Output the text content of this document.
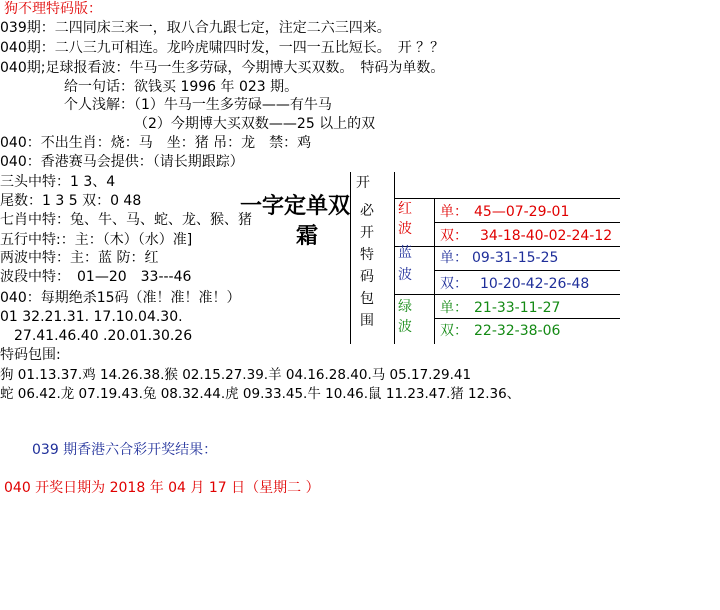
狗不理特码版：
039期：二四同床三来一，取八合九跟七定，注定二六三四来。
040期：二八三九可相连。龙吟虎啸四时发，一四一五比短长。　开 ？？
040期;足球报看波：牛马一生多劳碌，今期博大买双数。　特码为单数。
给一句话：欲钱买 1996 年 023 期。
个人浅解：（1）牛马一生多劳碌——有牛马
（2）今期博大买双数——25 以上的双
040：不出生肖：烧：马　坐：猪 吊：龙　禁：鸡
040：香港赛马会提供：（请长期跟踪）
三头中特：1 3、4
尾数：1 3 5 双：0 48
七肖中特：兔、牛、马、蛇、龙、猴、猪
五行中特:：主：（木）（水）准]
两波中特：主：蓝 防：红
波段中特：　01—20　33---46
040：每期绝杀15码（准！准！准！）
01 32.21.31. 17.10.04.30.
　27.41.46.40 .20.01.30.26
特码包围:
狗 01.13.37.鸡 14.26.38.猴 02.15.27.39.羊 04.16.28.40.马 05.17.29.41
蛇 06.42.龙 07.19.43.兔 08.32.44.虎 09.33.45.牛 10.46.鼠 11.23.47.猪 12.36、
039 期香港六合彩开奖结果：
040 开奖日期为 2018 年 04 月 17 日（星期二 ）
一字定单双
霜
开
必
开
特
码
包
围
红
波
单： 45—07-29-01
双： 34-18-40-02-24-12
蓝
波
单： 09-31-15-25
双： 10-20-42-26-48
绿
波
单： 21-33-11-27
双： 22-32-38-06
